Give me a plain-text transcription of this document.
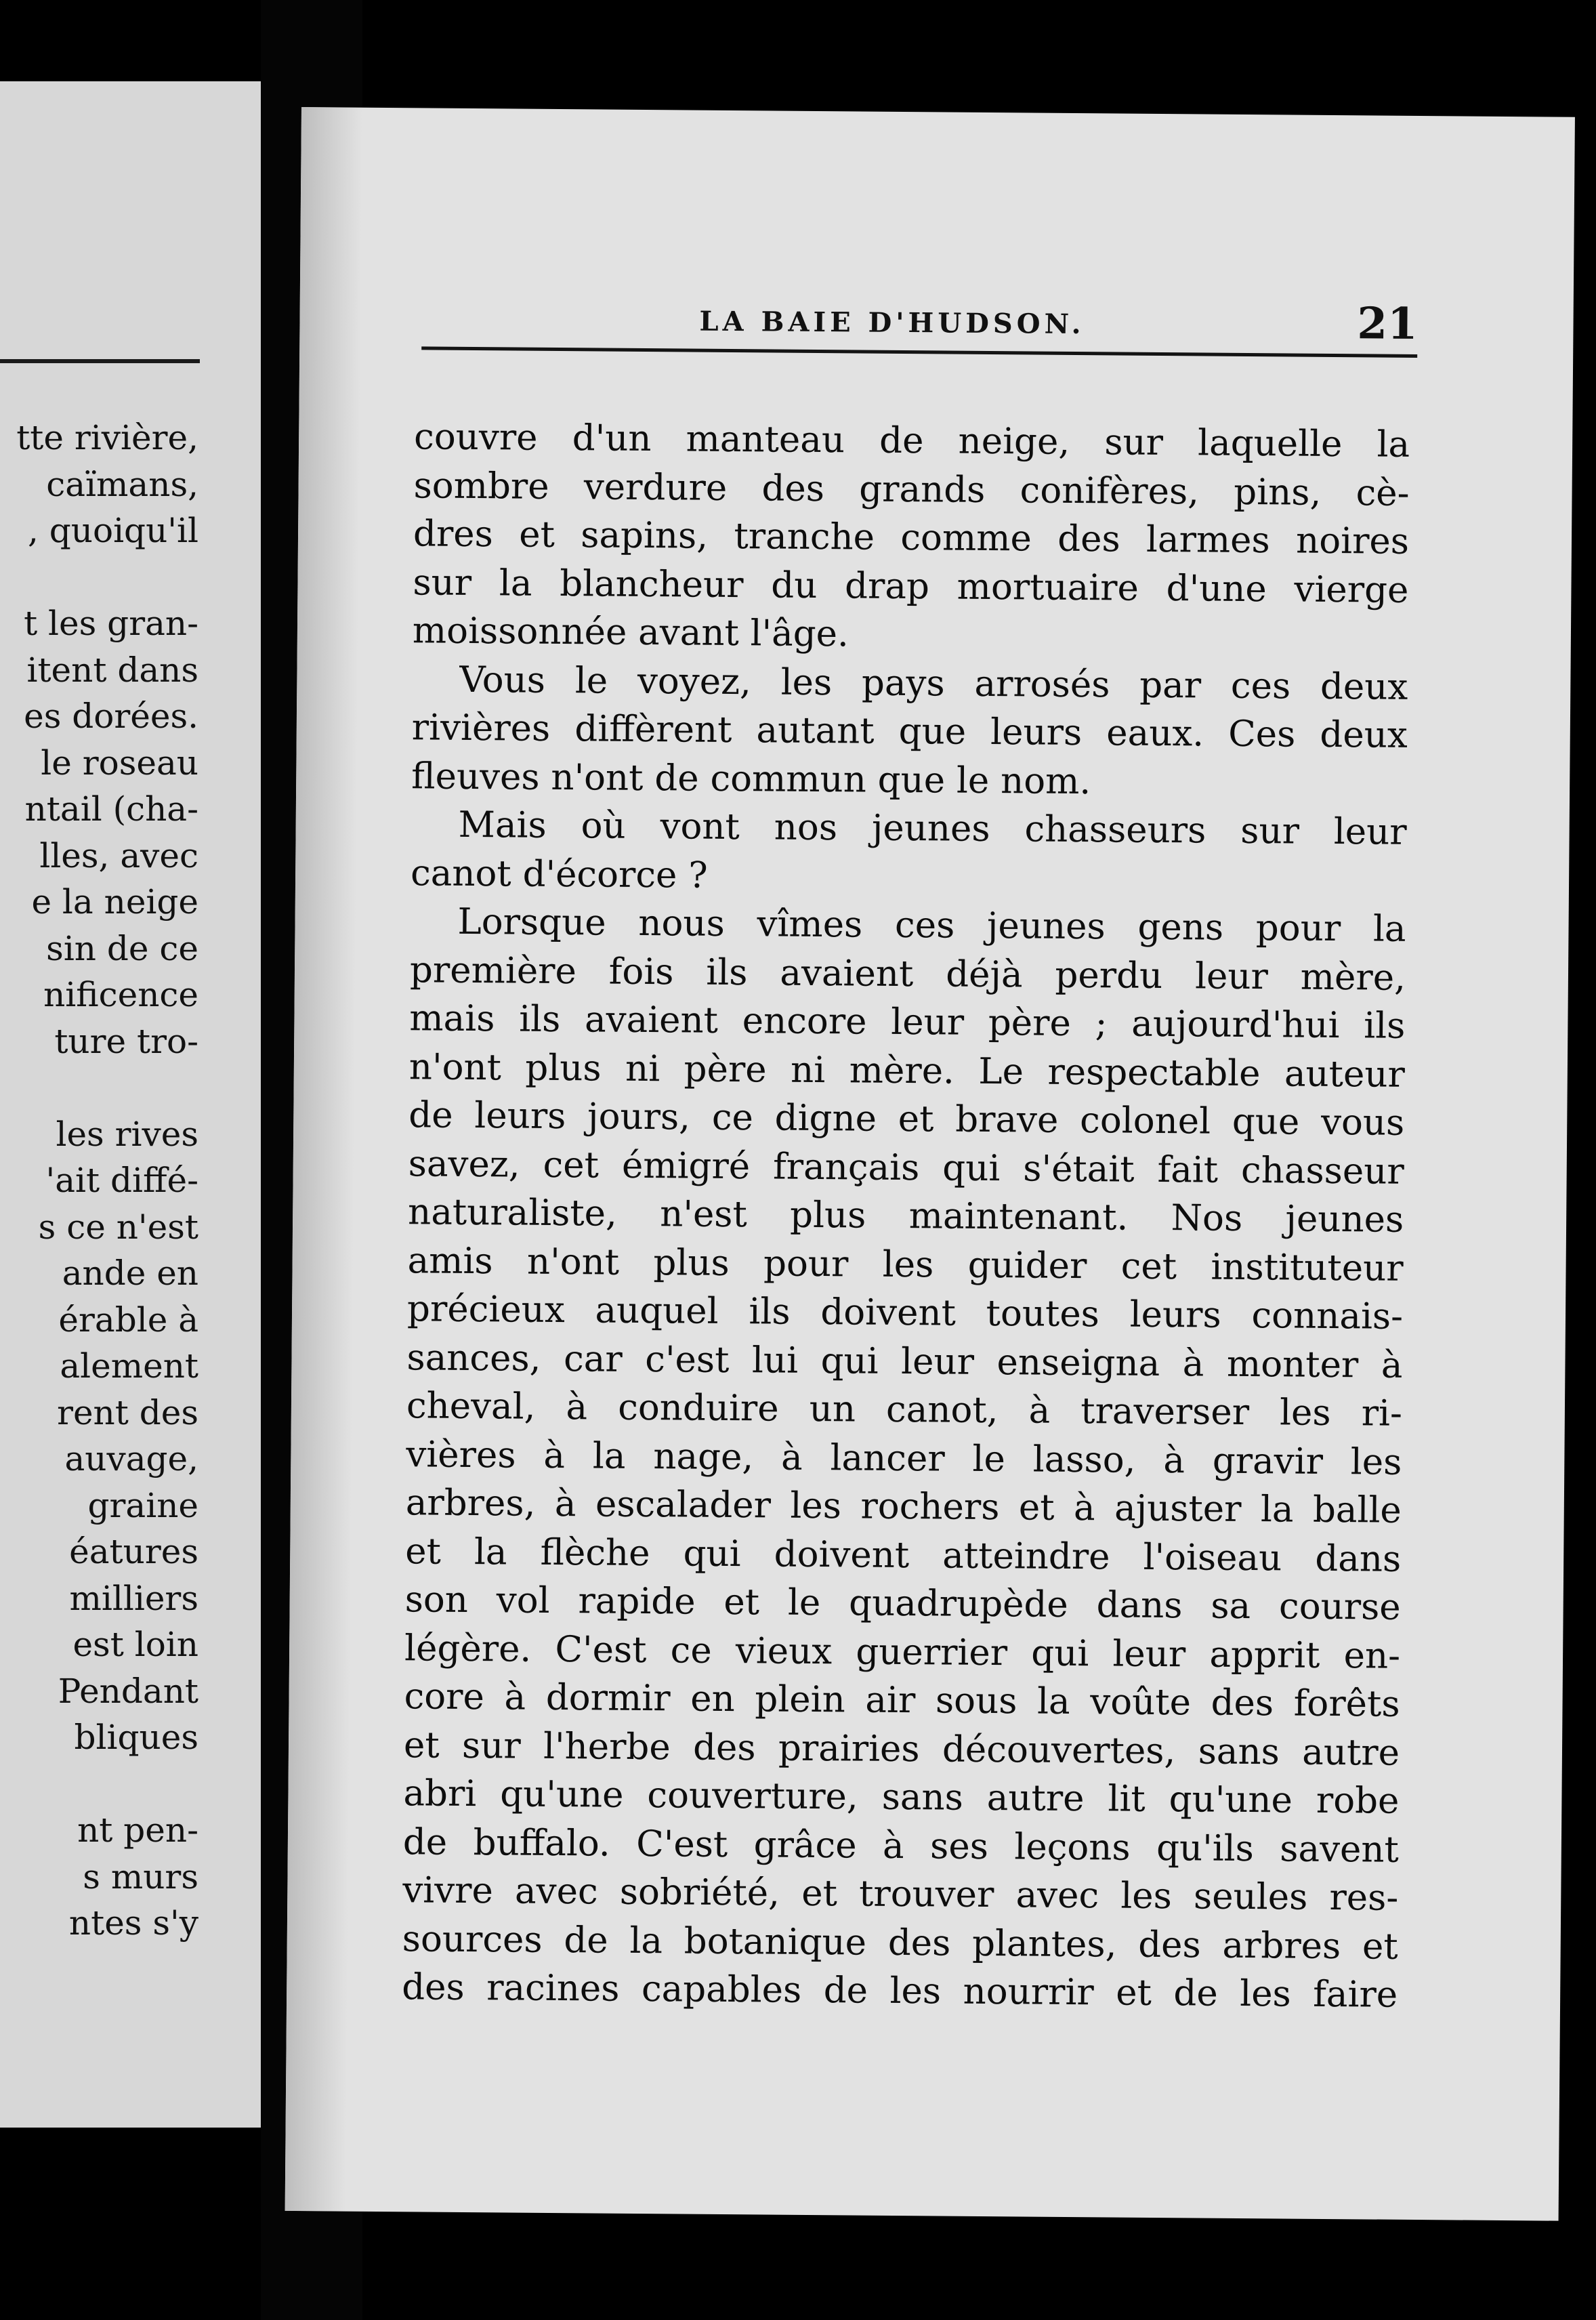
tte rivière,
caïmans,
, quoiqu'il
t les gran-
itent dans
es dorées.
le roseau
ntail (cha-
lles, avec
e la neige
sin de ce
nificence
ture tro-
les rives
'ait diffé-
s ce n'est
ande en
érable à
alement
rent des
auvage,
graine
éatures
milliers
est loin
Pendant
bliques
nt pen-
s murs
ntes s'y
LA BAIE D'HUDSON.	21
couvre d'un manteau de neige, sur laquelle la
sombre verdure des grands conifères, pins, cè-
dres et sapins, tranche comme des larmes noires
sur la blancheur du drap mortuaire d'une vierge
moissonnée avant l'âge.
Vous le voyez, les pays arrosés par ces deux
rivières diffèrent autant que leurs eaux. Ces deux
fleuves n'ont de commun que le nom.
Mais où vont nos jeunes chasseurs sur leur
canot d'écorce ?
Lorsque nous vîmes ces jeunes gens pour la
première fois ils avaient déjà perdu leur mère,
mais ils avaient encore leur père ; aujourd'hui ils
n'ont plus ni père ni mère. Le respectable auteur
de leurs jours, ce digne et brave colonel que vous
savez, cet émigré français qui s'était fait chasseur
naturaliste, n'est plus maintenant. Nos jeunes
amis n'ont plus pour les guider cet instituteur
précieux auquel ils doivent toutes leurs connais-
sances, car c'est lui qui leur enseigna à monter à
cheval, à conduire un canot, à traverser les ri-
vières à la nage, à lancer le lasso, à gravir les
arbres, à escalader les rochers et à ajuster la balle
et la flèche qui doivent atteindre l'oiseau dans
son vol rapide et le quadrupède dans sa course
légère. C'est ce vieux guerrier qui leur apprit en-
core à dormir en plein air sous la voûte des forêts
et sur l'herbe des prairies découvertes, sans autre
abri qu'une couverture, sans autre lit qu'une robe
de buffalo. C'est grâce à ses leçons qu'ils savent
vivre avec sobriété, et trouver avec les seules res-
sources de la botanique des plantes, des arbres et
des racines capables de les nourrir et de les faire
